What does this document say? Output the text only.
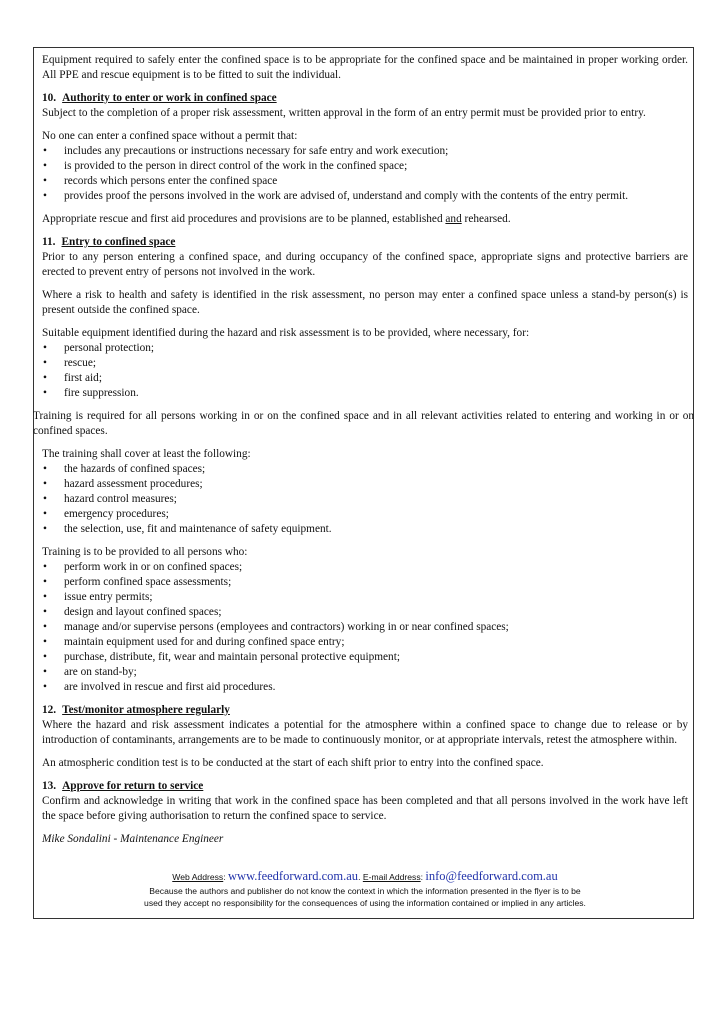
Equipment required to safely enter the confined space is to be appropriate for the confined space and be maintained in proper working order. All PPE and rescue equipment is to be fitted to suit the individual.

10. Authority to enter or work in confined space

Subject to the completion of a proper risk assessment, written approval in the form of an entry permit must be provided prior to entry.

No one can enter a confined space without a permit that:

•	includes any precautions or instructions necessary for safe entry and work execution;
•	is provided to the person in direct control of the work in the confined space;
•	records which persons enter the confined space
•	provides proof the persons involved in the work are advised of, understand and comply with the contents of the entry permit.

Appropriate rescue and first aid procedures and provisions are to be planned, established and rehearsed.

11. Entry to confined space

Prior to any person entering a confined space, and during occupancy of the confined space, appropriate signs and protective barriers are erected to prevent entry of persons not involved in the work.

Where a risk to health and safety is identified in the risk assessment, no person may enter a confined space unless a stand-by person(s) is present outside the confined space.

Suitable equipment identified during the hazard and risk assessment is to be provided, where necessary, for:

•	personal protection;
•	rescue;
•	first aid;
•	fire suppression.

Training is required for all persons working in or on the confined space and in all relevant activities related to entering and working in or on confined spaces.

The training shall cover at least the following:

•	the hazards of confined spaces;
•	hazard assessment procedures;
•	hazard control measures;
•	emergency procedures;
•	the selection, use, fit and maintenance of safety equipment.

Training is to be provided to all persons who:

•	perform work in or on confined spaces;
•	perform confined space assessments;
•	issue entry permits;
•	design and layout confined spaces;
•	manage and/or supervise persons (employees and contractors) working in or near confined spaces;
•	maintain equipment used for and during confined space entry;
•	purchase, distribute, fit, wear and maintain personal protective equipment;
•	are on stand-by;
•	are involved in rescue and first aid procedures.
12. Test/monitor atmosphere regularly

Where the hazard and risk assessment indicates a potential for the atmosphere within a confined space to change due to release or by introduction of contaminants, arrangements are to be made to continuously monitor, or at appropriate intervals, retest the atmosphere within.

An atmospheric condition test is to be conducted at the start of each shift prior to entry into the confined space.

13. Approve for return to service

Confirm and acknowledge in writing that work in the confined space has been completed and that all persons involved in the work have left the space before giving authorisation to return the confined space to service.

Mike Sondalini - Maintenance Engineer

Web Address: www.feedforward.com.au. E-mail Address: info@feedforward.com.au
Because the authors and publisher do not know the context in which the information presented in the flyer is to be
used they accept no responsibility for the consequences of using the information contained or implied in any articles.
